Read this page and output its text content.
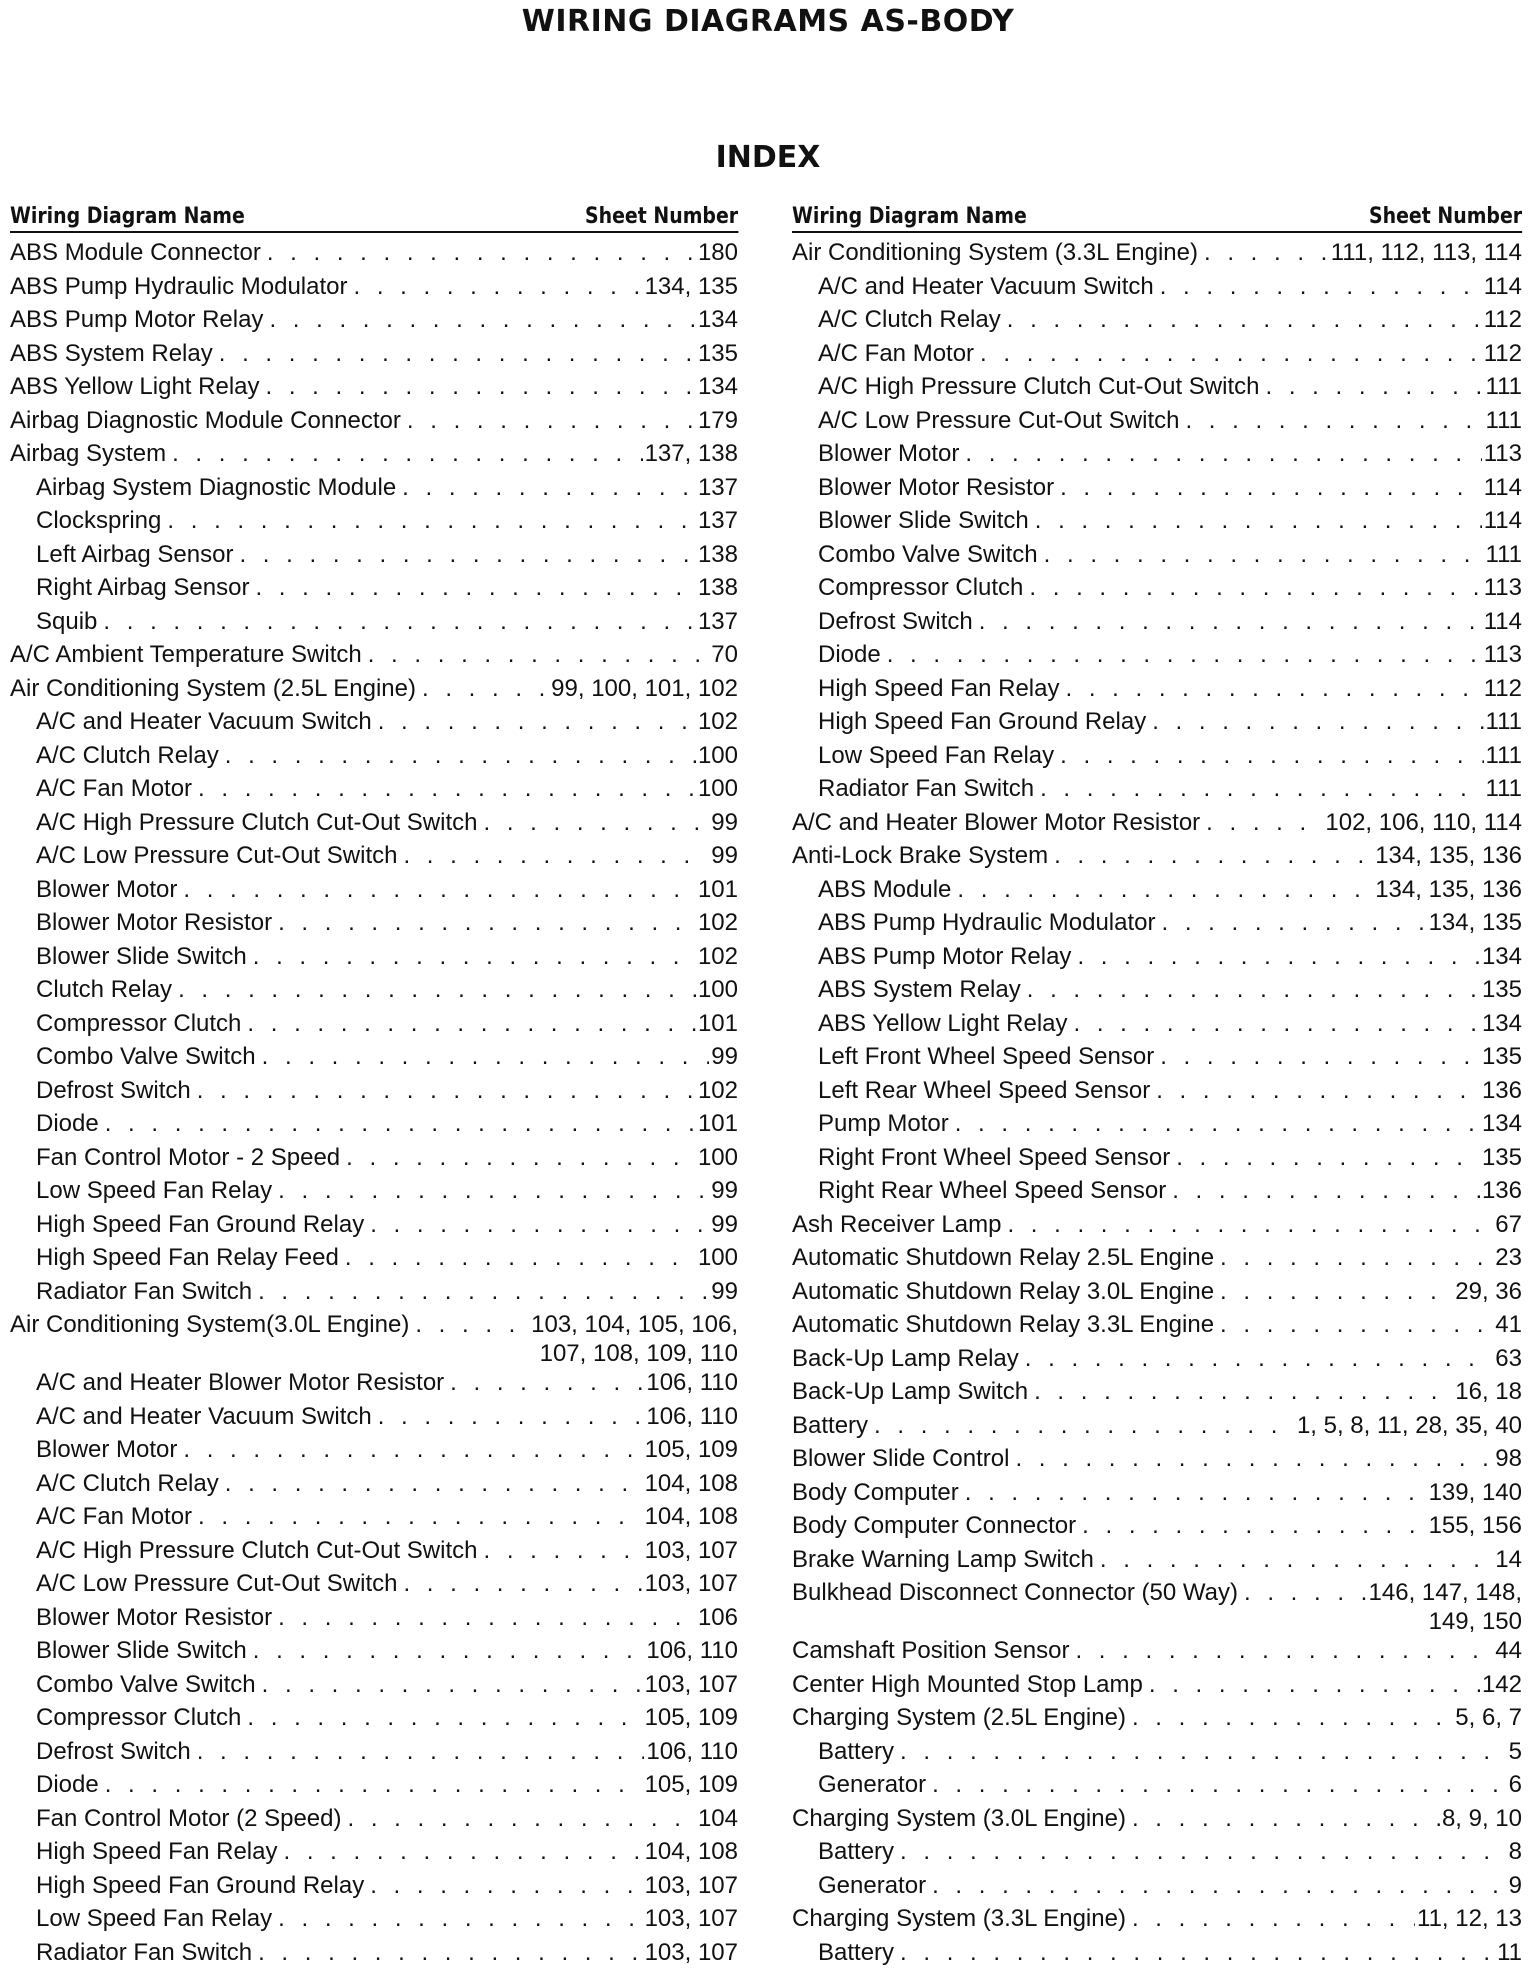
WIRING DIAGRAMS AS-BODY
INDEX
Wiring Diagram Name	Sheet Number
ABS Module Connector . . .	180
ABS Pump Hydraulic Modulator . . .	134, 135
ABS Pump Motor Relay . . .	134
ABS System Relay . . .	135
ABS Yellow Light Relay . . .	134
Airbag Diagnostic Module Connector . . .	179
Airbag System . . .	137, 138
Airbag System Diagnostic Module . . .	137
Clockspring . . .	137
Left Airbag Sensor . . .	138
Right Airbag Sensor . . .	138
Squib . . .	137
A/C Ambient Temperature Switch . . .	70
Air Conditioning System (2.5L Engine) . . .	99, 100, 101, 102
A/C and Heater Vacuum Switch . . .	102
A/C Clutch Relay . . .	100
A/C Fan Motor . . .	100
A/C High Pressure Clutch Cut-Out Switch . . .	99
A/C Low Pressure Cut-Out Switch . . .	99
Blower Motor . . .	101
Blower Motor Resistor . . .	102
Blower Slide Switch . . .	102
Clutch Relay . . .	100
Compressor Clutch . . .	101
Combo Valve Switch . . .	99
Defrost Switch . . .	102
Diode . . .	101
Fan Control Motor - 2 Speed . . .	100
Low Speed Fan Relay . . .	99
High Speed Fan Ground Relay . . .	99
High Speed Fan Relay Feed . . .	100
Radiator Fan Switch . . .	99
Air Conditioning System(3.0L Engine) . . .	103, 104, 105, 106,
107, 108, 109, 110
A/C and Heater Blower Motor Resistor . . .	106, 110
A/C and Heater Vacuum Switch . . .	106, 110
Blower Motor . . .	105, 109
A/C Clutch Relay . . .	104, 108
A/C Fan Motor . . .	104, 108
A/C High Pressure Clutch Cut-Out Switch . . .	103, 107
A/C Low Pressure Cut-Out Switch . . .	103, 107
Blower Motor Resistor . . .	106
Blower Slide Switch . . .	106, 110
Combo Valve Switch . . .	103, 107
Compressor Clutch . . .	105, 109
Defrost Switch . . .	106, 110
Diode . . .	105, 109
Fan Control Motor (2 Speed) . . .	104
High Speed Fan Relay . . .	104, 108
High Speed Fan Ground Relay . . .	103, 107
Low Speed Fan Relay . . .	103, 107
Radiator Fan Switch . . .	103, 107
Wiring Diagram Name	Sheet Number
Air Conditioning System (3.3L Engine) . . .	111, 112, 113, 114
A/C and Heater Vacuum Switch . . .	114
A/C Clutch Relay . . .	112
A/C Fan Motor . . .	112
A/C High Pressure Clutch Cut-Out Switch . . .	111
A/C Low Pressure Cut-Out Switch . . .	111
Blower Motor . . .	113
Blower Motor Resistor . . .	114
Blower Slide Switch . . .	114
Combo Valve Switch . . .	111
Compressor Clutch . . .	113
Defrost Switch . . .	114
Diode . . .	113
High Speed Fan Relay . . .	112
High Speed Fan Ground Relay . . .	111
Low Speed Fan Relay . . .	111
Radiator Fan Switch . . .	111
A/C and Heater Blower Motor Resistor . . .	102, 106, 110, 114
Anti-Lock Brake System . . .	134, 135, 136
ABS Module . . .	134, 135, 136
ABS Pump Hydraulic Modulator . . .	134, 135
ABS Pump Motor Relay . . .	134
ABS System Relay . . .	135
ABS Yellow Light Relay . . .	134
Left Front Wheel Speed Sensor . . .	135
Left Rear Wheel Speed Sensor . . .	136
Pump Motor . . .	134
Right Front Wheel Speed Sensor . . .	135
Right Rear Wheel Speed Sensor . . .	136
Ash Receiver Lamp . . .	67
Automatic Shutdown Relay 2.5L Engine . . .	23
Automatic Shutdown Relay 3.0L Engine . . .	29, 36
Automatic Shutdown Relay 3.3L Engine . . .	41
Back-Up Lamp Relay . . .	63
Back-Up Lamp Switch . . .	16, 18
Battery . . .	1, 5, 8, 11, 28, 35, 40
Blower Slide Control . . .	98
Body Computer . . .	139, 140
Body Computer Connector . . .	155, 156
Brake Warning Lamp Switch . . .	14
Bulkhead Disconnect Connector (50 Way) . . .	146, 147, 148,
149, 150
Camshaft Position Sensor . . .	44
Center High Mounted Stop Lamp . . .	142
Charging System (2.5L Engine) . . .	5, 6, 7
Battery . . .	5
Generator . . .	6
Charging System (3.0L Engine) . . .	8, 9, 10
Battery . . .	8
Generator . . .	9
Charging System (3.3L Engine) . . .	11, 12, 13
Battery . . .	11
